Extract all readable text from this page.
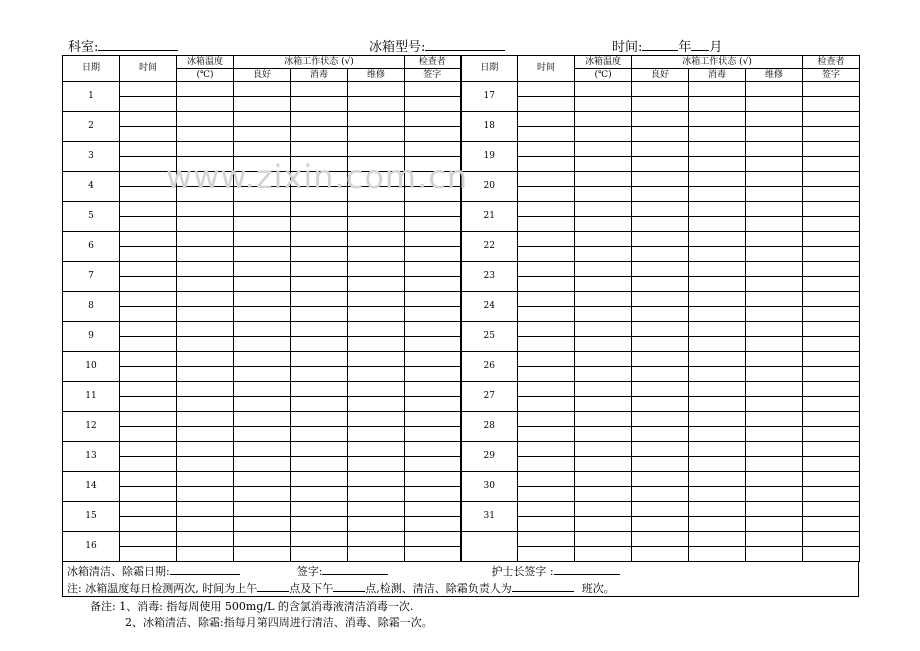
科室:	冰箱型号:	时间:	年 月
日期	时间	冰箱温度	冰箱工作状态 (√)			检查者	日期	时间	冰箱温度	冰箱工作状态 (√)			检查者
		(℃)	良好	消毒	维修	签字			(℃)	良好	消毒	维修	签字
1							17						

2							18						

3							19						

4							20						

5							21						

6							22						

7							23						

8							24						

9							25						

10							26						

11							27						

12							28						

13							29						

14							30						

15							31						

16													

www.zixin.com.cn
冰箱清洁、除霜日期:	签字:	护士长签字 :
注: 冰箱温度每日检测两次, 时间为上午	点及下午	点,检测、清洁、除霜负责人为	班次。
备注: 1、消毒: 指每周使用 500mg/L 的含氯消毒液清洁消毒一次.
2、冰箱清洁、除霜:指每月第四周进行清洁、消毒、除霜一次。
